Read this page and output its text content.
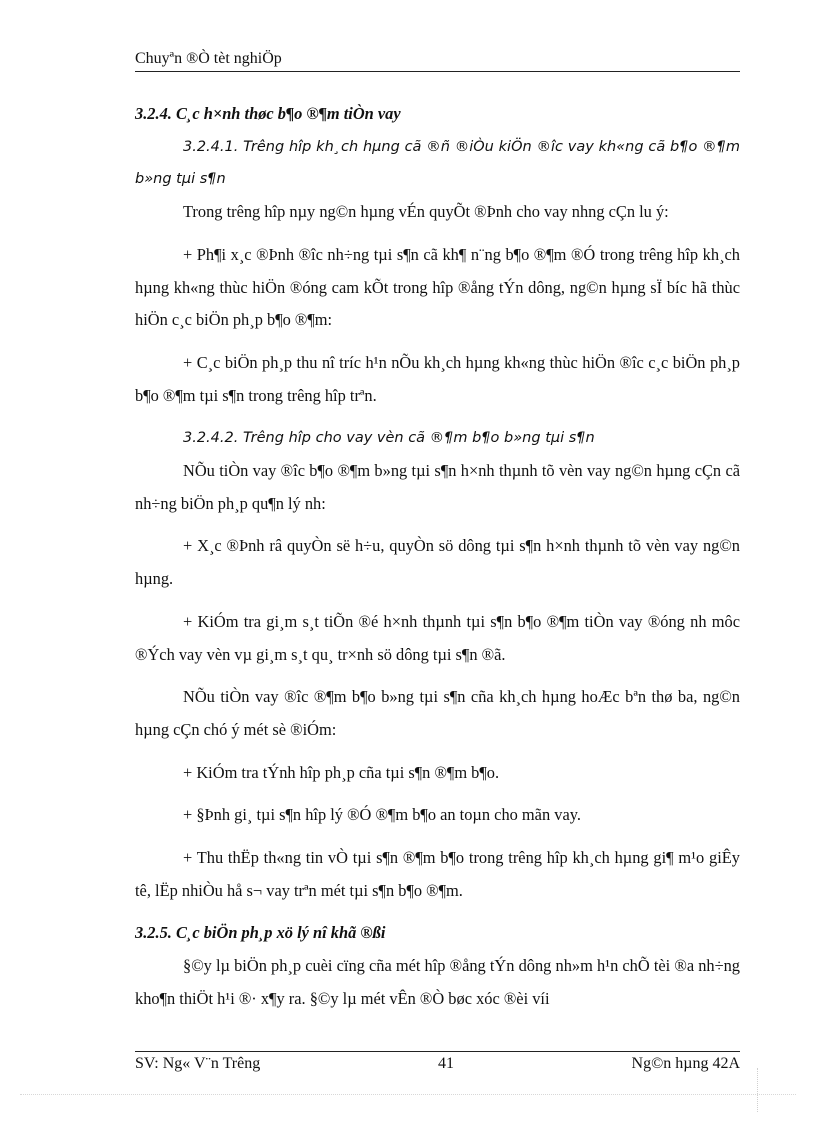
Chuyªn ®Ò tèt nghiÖp

3.2.4. C¸c h×nh thøc b¶o ®¶m tiÒn vay

3.2.4.1. Trêng hîp kh¸ch hµng cã ®ñ ®iÒu kiÖn ®îc vay kh«ng cã b¶o ®¶m b»ng tµi s¶n

Trong trêng hîp nµy ng©n hµng vÉn quyÕt ®Þnh cho vay nhng cÇn lu ý:

+ Ph¶i x¸c ®Þnh ®îc nh÷ng tµi s¶n cã kh¶ n¨ng b¶o ®¶m ®Ó trong trêng hîp kh¸ch hµng kh«ng thùc hiÖn ®óng cam kÕt trong hîp ®ång tÝn dông, ng©n hµng sÏ bíc hã thùc hiÖn c¸c biÖn ph¸p b¶o ®¶m:

+ C¸c biÖn ph¸p thu nî tríc h¹n nÕu kh¸ch hµng kh«ng thùc hiÖn ®îc c¸c biÖn ph¸p b¶o ®¶m tµi s¶n trong trêng hîp trªn.

3.2.4.2. Trêng hîp cho vay vèn cã ®¶m b¶o b»ng tµi s¶n

NÕu tiÒn vay ®îc b¶o ®¶m b»ng tµi s¶n h×nh thµnh tõ vèn vay ng©n hµng cÇn cã nh÷ng biÖn ph¸p qu¶n lý nh:

+ X¸c ®Þnh râ quyÒn së h÷u, quyÒn sö dông tµi s¶n h×nh thµnh tõ vèn vay ng©n hµng.

+ KiÓm tra gi¸m s¸t tiÕn ®é h×nh thµnh tµi s¶n b¶o ®¶m tiÒn vay ®óng nh môc ®Ých vay vèn vµ gi¸m s¸t qu¸ tr×nh sö dông tµi s¶n ®ã.

NÕu tiÒn vay ®îc ®¶m b¶o b»ng tµi s¶n cña kh¸ch hµng hoÆc bªn thø ba, ng©n hµng cÇn chó ý mét sè ®iÓm:

+ KiÓm tra tÝnh hîp ph¸p cña tµi s¶n ®¶m b¶o.

+ §Þnh gi¸ tµi s¶n hîp lý ®Ó ®¶m b¶o an toµn cho mãn vay.

+ Thu thËp th«ng tin vÒ tµi s¶n ®¶m b¶o trong trêng hîp kh¸ch hµng gi¶ m¹o giÊy tê, lËp nhiÒu hå s¬ vay trªn mét tµi s¶n b¶o ®¶m.

3.2.5. C¸c biÖn ph¸p xö lý nî khã ®ßi

§©y lµ biÖn ph¸p cuèi cïng cña mét hîp ®ång tÝn dông nh»m h¹n chÕ tèi ®a nh÷ng kho¶n thiÖt h¹i ®· x¶y ra. §©y lµ mét vÊn ®Ò bøc xóc ®èi víi

SV: Ng« V¨n Trêng	41	Ng©n hµng 42A
